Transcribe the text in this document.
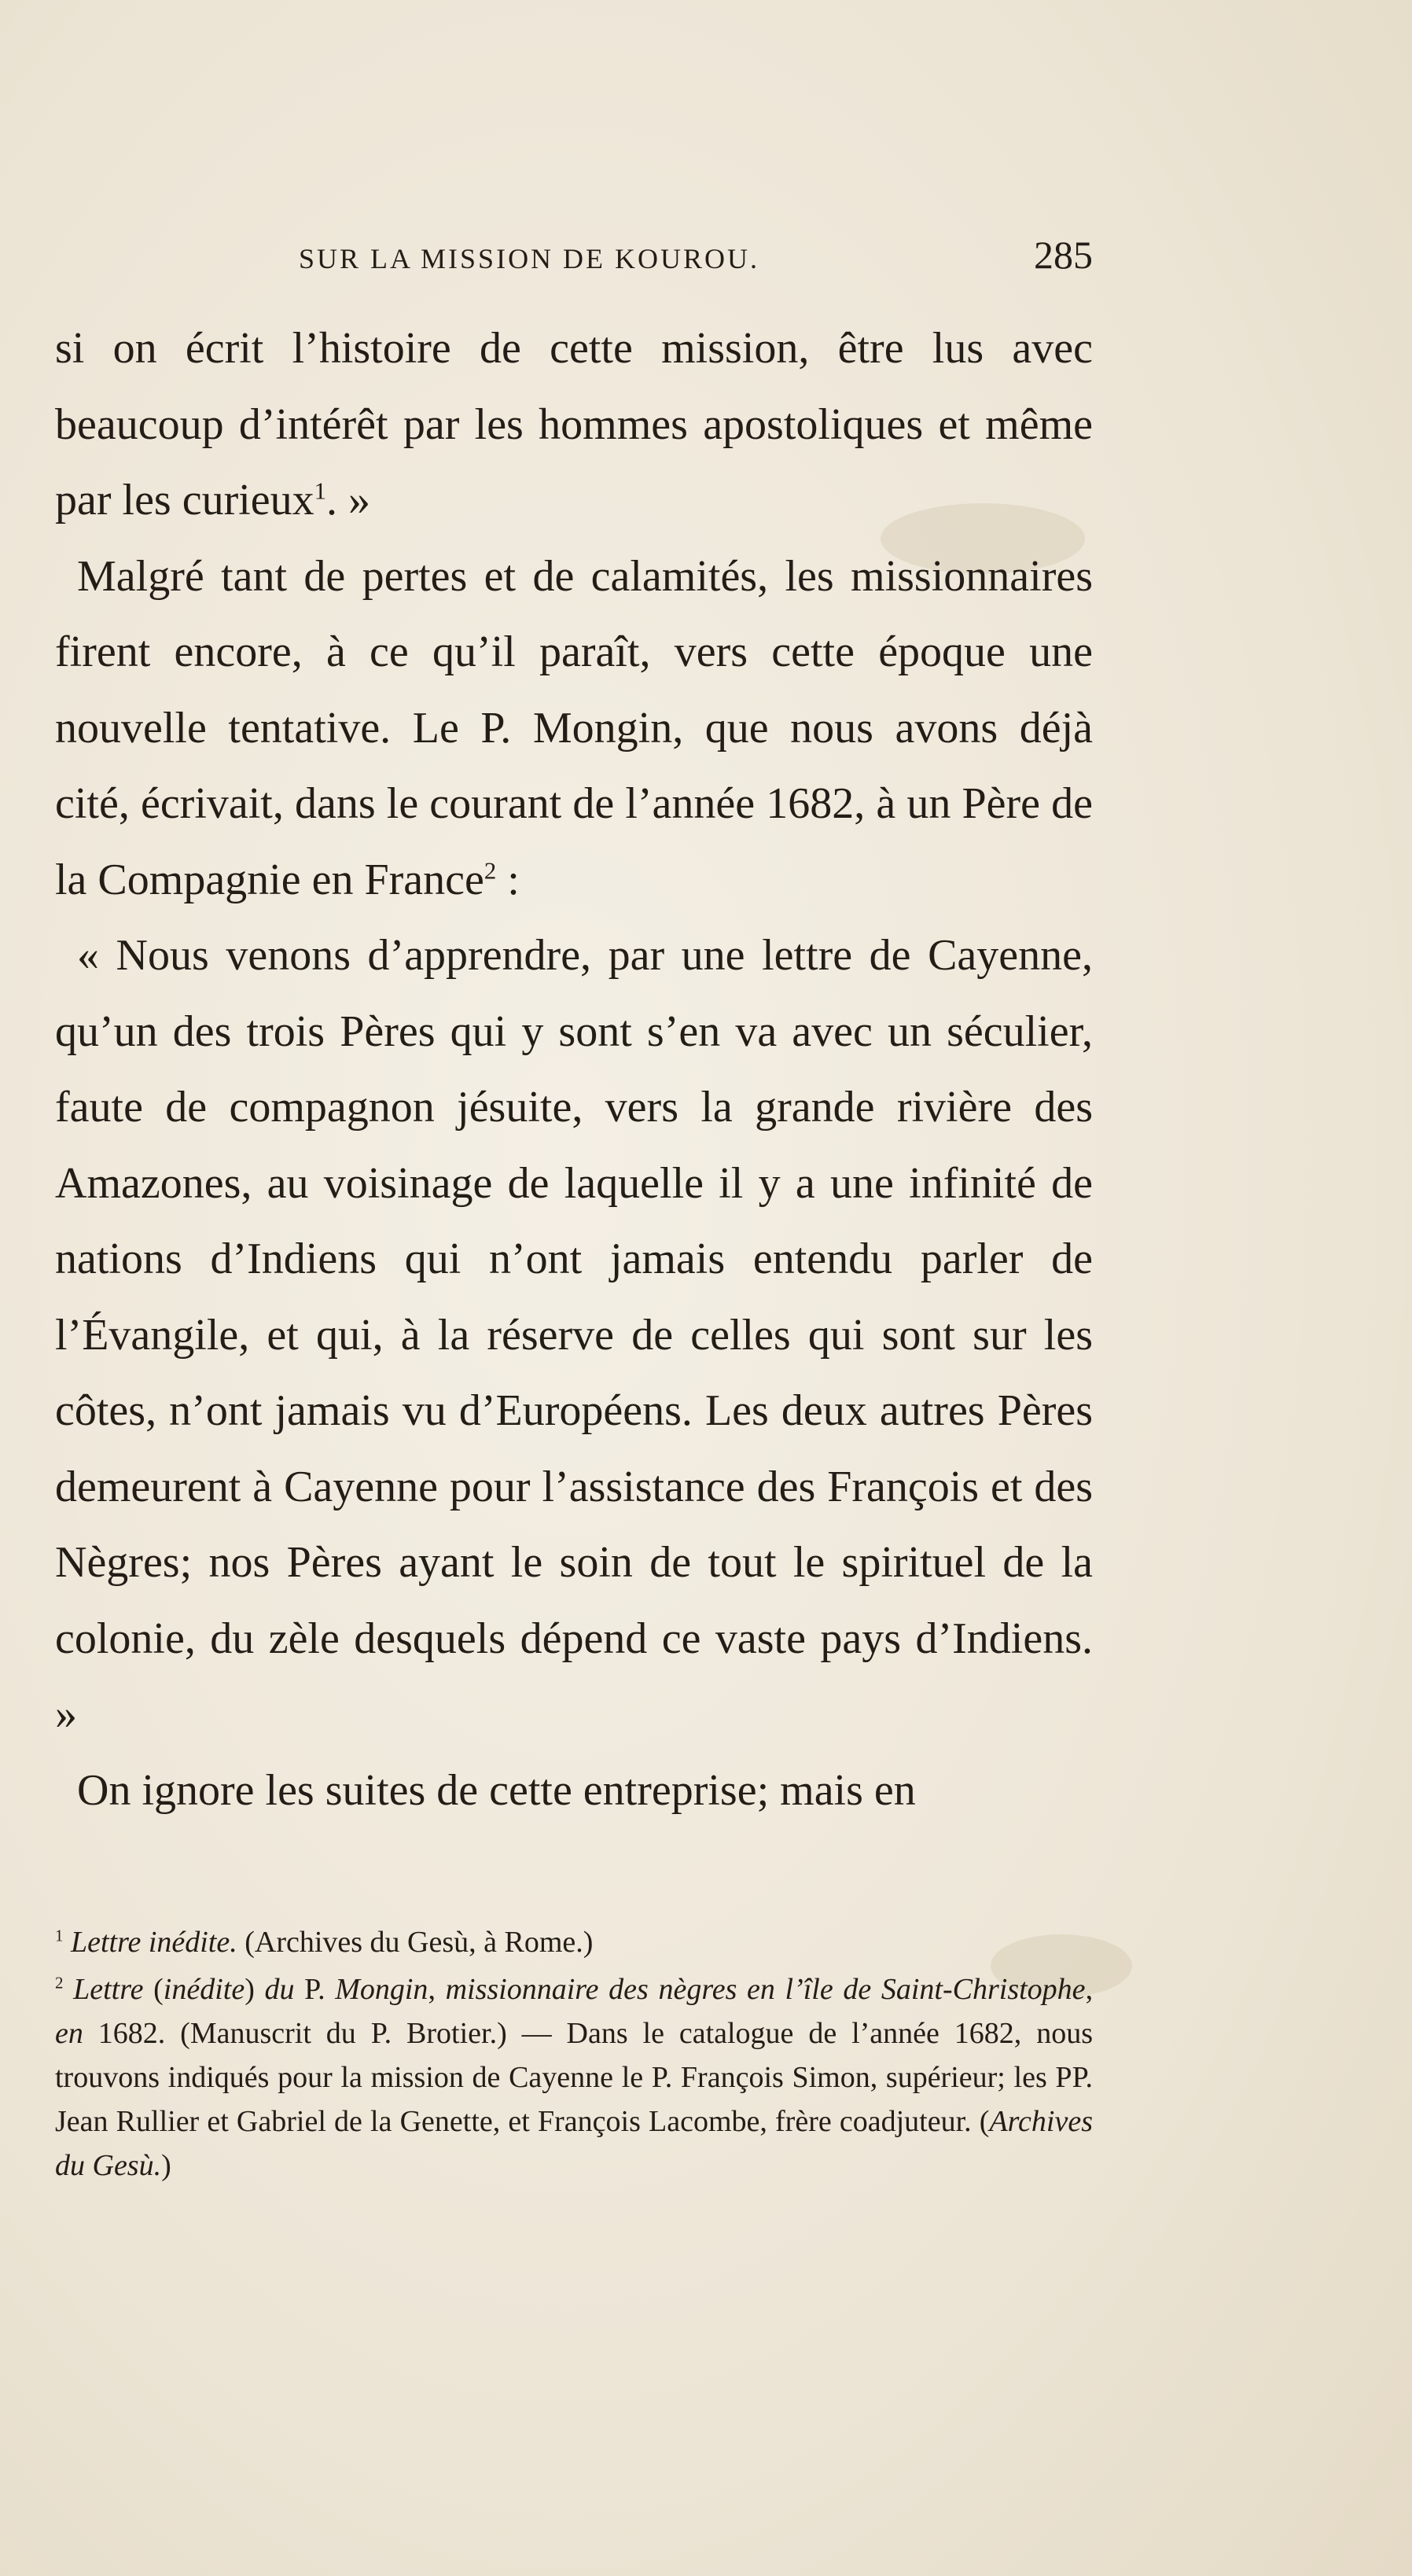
SUR LA MISSION DE KOUROU.	285

si on écrit l’histoire de cette mission, être lus avec beaucoup d’intérêt par les hommes apostoliques et même par les curieux$^1$. »

Malgré tant de pertes et de calamités, les missionnaires firent encore, à ce qu’il paraît, vers cette époque une nouvelle tentative. Le P. Mongin, que nous avons déjà cité, écrivait, dans le courant de l’année 1682, à un Père de la Compagnie en France$^2$ :

« Nous venons d’apprendre, par une lettre de Cayenne, qu’un des trois Pères qui y sont s’en va avec un séculier, faute de compagnon jésuite, vers la grande rivière des Amazones, au voisinage de laquelle il y a une infinité de nations d’Indiens qui n’ont jamais entendu parler de l’Évangile, et qui, à la réserve de celles qui sont sur les côtes, n’ont jamais vu d’Européens. Les deux autres Pères demeurent à Cayenne pour l’assistance des François et des Nègres; nos Pères ayant le soin de tout le spirituel de la colonie, du zèle desquels dépend ce vaste pays d’Indiens. »

On ignore les suites de cette entreprise; mais en

$^1$ Lettre inédite. (Archives du Gesù, à Rome.)

$^2$ Lettre (inédite) du P. Mongin, missionnaire des nègres en l’île de Saint-Christophe, en 1682. (Manuscrit du P. Brotier.) — Dans le catalogue de l’année 1682, nous trouvons indiqués pour la mission de Cayenne le P. François Simon, supérieur; les PP. Jean Rullier et Gabriel de la Genette, et François Lacombe, frère coadjuteur. (Archives du Gesù.)
